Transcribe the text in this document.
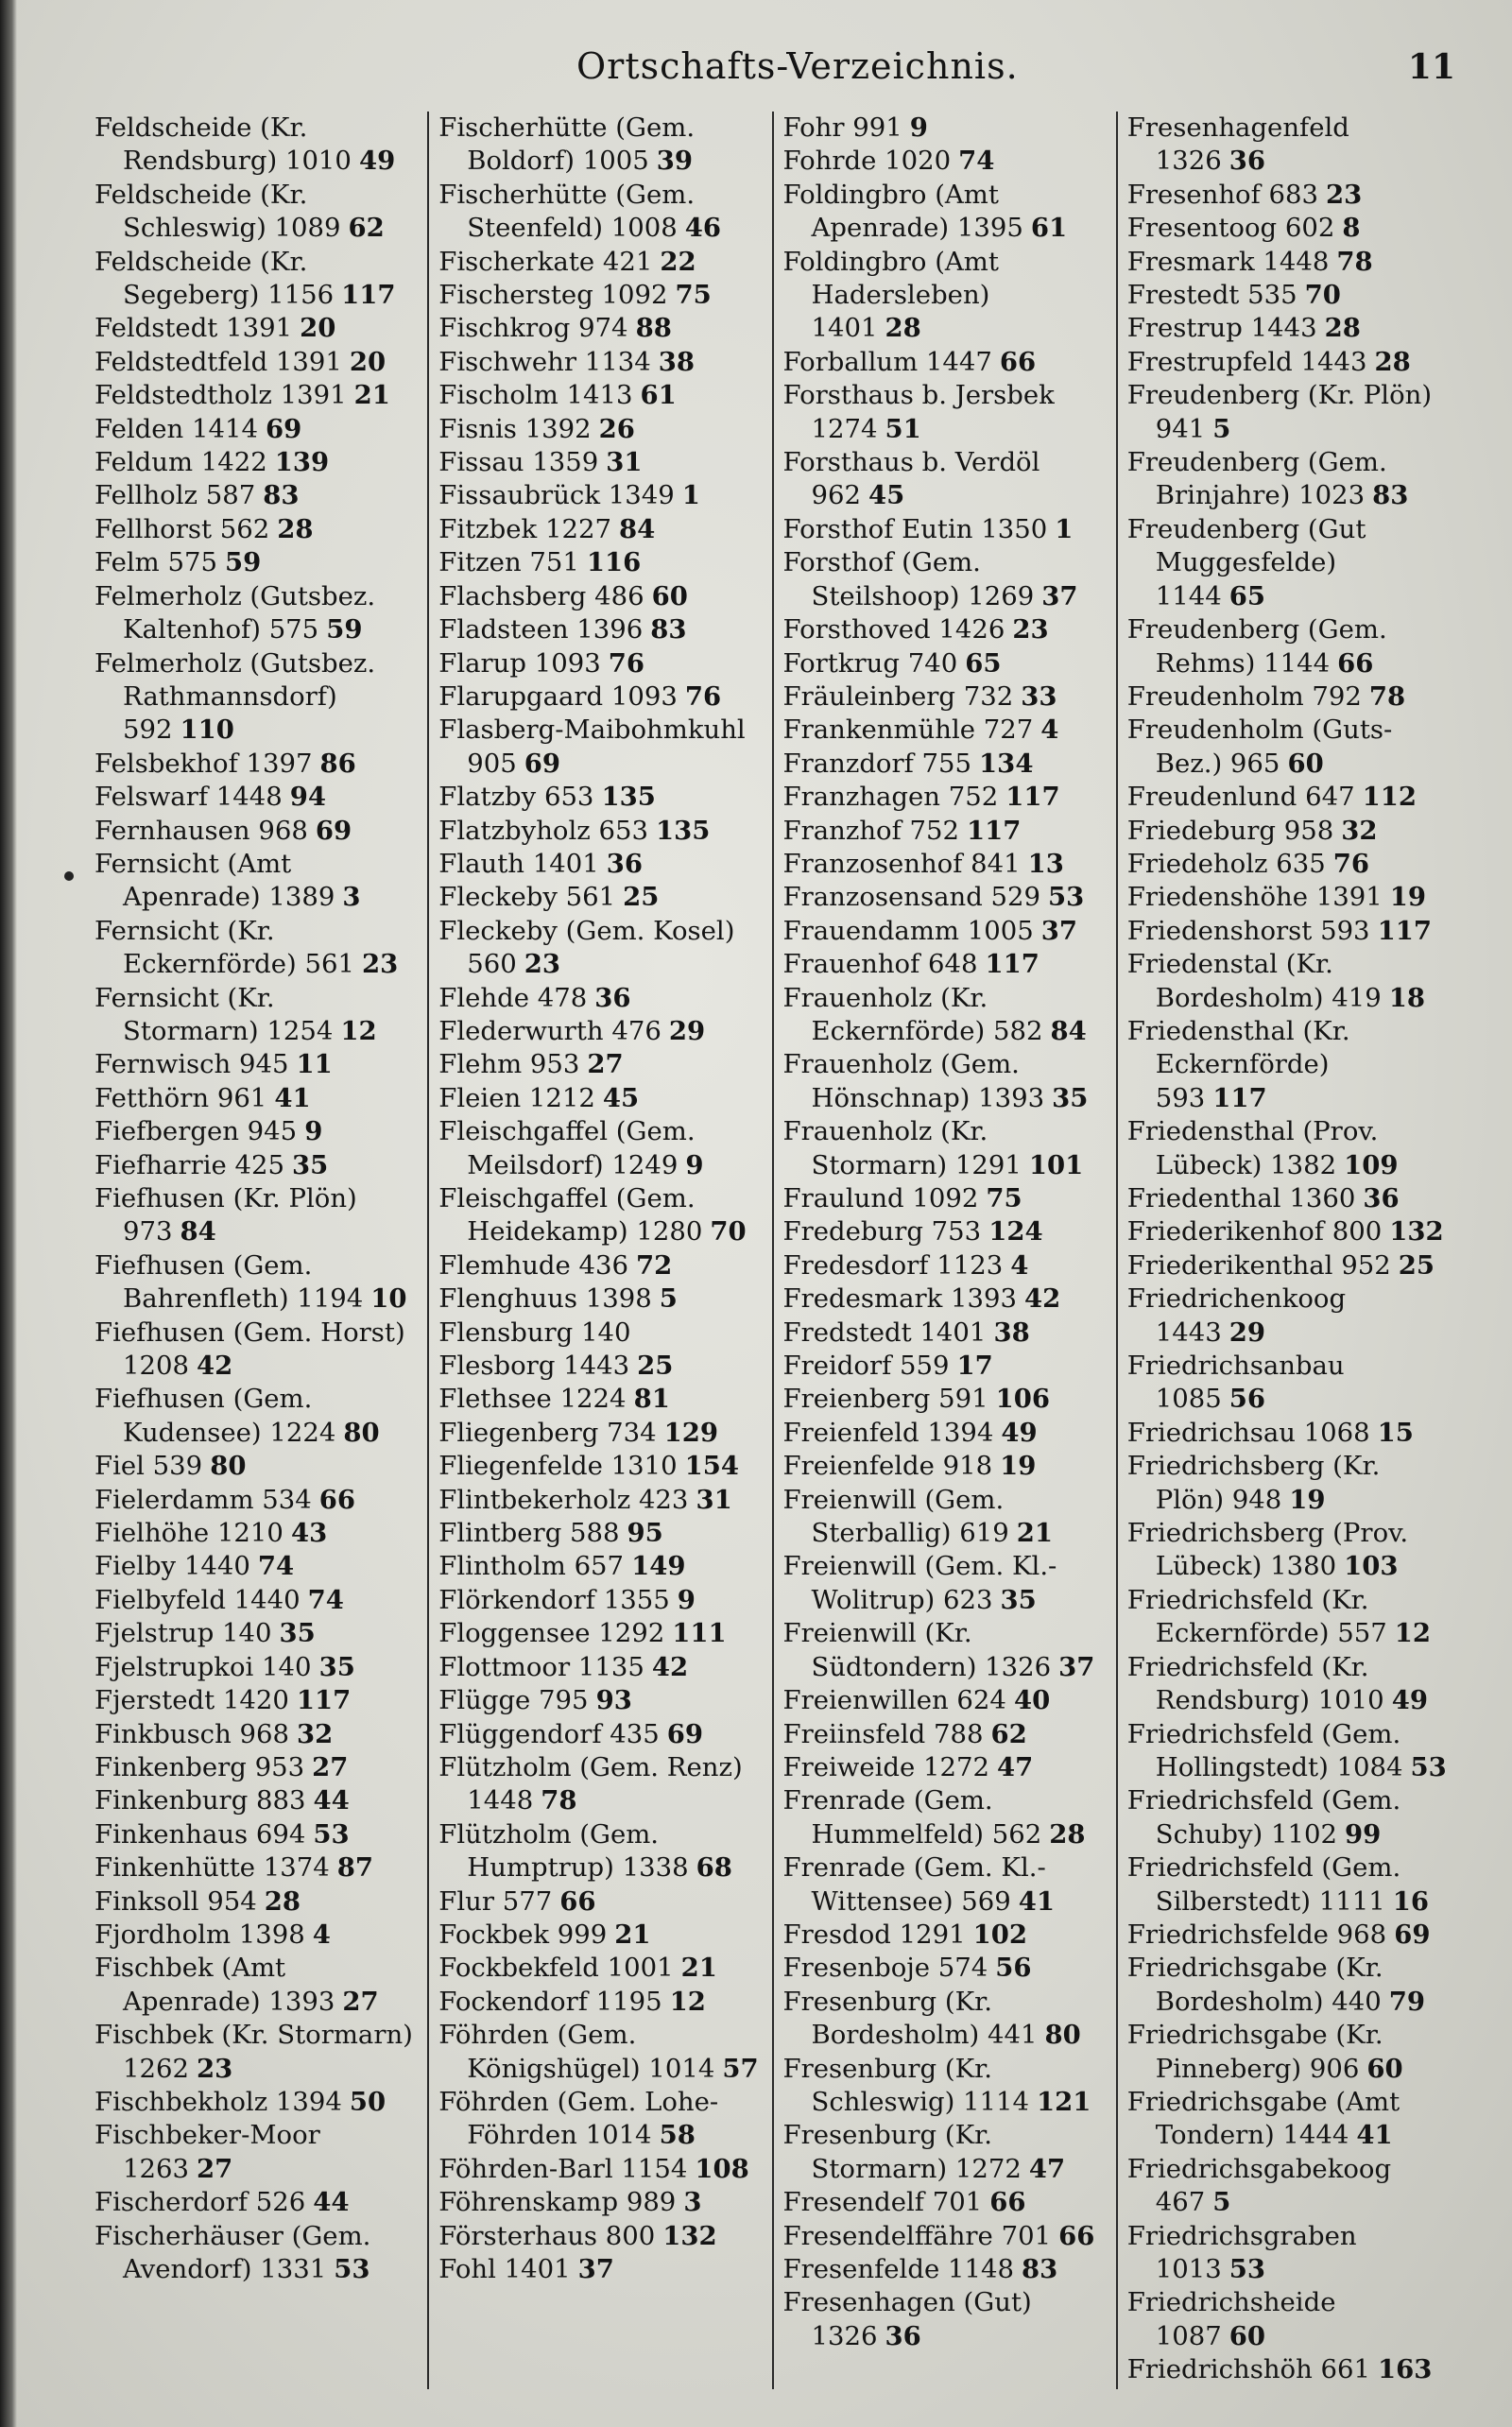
Ortschafts-Verzeichnis.	11
Feldscheide (Kr. Rendsburg) 1010 49
Feldscheide (Kr. Schleswig) 1089 62
Feldscheide (Kr. Segeberg) 1156 117
Feldstedt 1391 20
Feldstedtfeld 1391 20
Feldstedtholz 1391 21
Felden 1414 69
Feldum 1422 139
Fellholz 587 83
Fellhorst 562 28
Felm 575 59
Felmerholz (Gutsbez. Kaltenhof) 575 59
Felmerholz (Gutsbez. Rathmannsdorf) 592 110
Felsbekhof 1397 86
Felswarf 1448 94
Fernhausen 968 69
Fernsicht (Amt Apenrade) 1389 3
Fernsicht (Kr. Eckernförde) 561 23
Fernsicht (Kr. Stormarn) 1254 12
Fernwisch 945 11
Fetthörn 961 41
Fiefbergen 945 9
Fiefharrie 425 35
Fiefhusen (Kr. Plön) 973 84
Fiefhusen (Gem. Bahrenfleth) 1194 10
Fiefhusen (Gem. Horst) 1208 42
Fiefhusen (Gem. Kudensee) 1224 80
Fiel 539 80
Fielerdamm 534 66
Fielhöhe 1210 43
Fielby 1440 74
Fielbyfeld 1440 74
Fjelstrup 140 35
Fjelstrupkoi 140 35
Fjerstedt 1420 117
Finkbusch 968 32
Finkenberg 953 27
Finkenburg 883 44
Finkenhaus 694 53
Finkenhütte 1374 87
Finksoll 954 28
Fjordholm 1398 4
Fischbek (Amt Apenrade) 1393 27
Fischbek (Kr. Stormarn) 1262 23
Fischbekholz 1394 50
Fischbeker-Moor 1263 27
Fischerdorf 526 44
Fischerhäuser (Gem. Avendorf) 1331 53
Fischerhütte (Gem. Boldorf) 1005 39
Fischerhütte (Gem. Steenfeld) 1008 46
Fischerkate 421 22
Fischersteg 1092 75
Fischkrog 974 88
Fischwehr 1134 38
Fischolm 1413 61
Fisnis 1392 26
Fissau 1359 31
Fissaubrück 1349 1
Fitzbek 1227 84
Fitzen 751 116
Flachsberg 486 60
Fladsteen 1396 83
Flarup 1093 76
Flarupgaard 1093 76
Flasberg-Maibohmkuhl 905 69
Flatzby 653 135
Flatzbyholz 653 135
Flauth 1401 36
Fleckeby 561 25
Fleckeby (Gem. Kosel) 560 23
Flehde 478 36
Flederwurth 476 29
Flehm 953 27
Fleien 1212 45
Fleischgaffel (Gem. Meilsdorf) 1249 9
Fleischgaffel (Gem. Heidekamp) 1280 70
Flemhude 436 72
Flenghuus 1398 5
Flensburg 140
Flesborg 1443 25
Flethsee 1224 81
Fliegenberg 734 129
Fliegenfelde 1310 154
Flintbekerholz 423 31
Flintberg 588 95
Flintholm 657 149
Flörkendorf 1355 9
Floggensee 1292 111
Flottmoor 1135 42
Flügge 795 93
Flüggendorf 435 69
Flützholm (Gem. Renz) 1448 78
Flützholm (Gem. Humptrup) 1338 68
Flur 577 66
Fockbek 999 21
Fockbekfeld 1001 21
Fockendorf 1195 12
Föhrden (Gem. Königshügel) 1014 57
Föhrden (Gem. Lohe-Föhrden 1014 58
Föhrden-Barl 1154 108
Föhrenskamp 989 3
Försterhaus 800 132
Fohl 1401 37
Fohr 991 9
Fohrde 1020 74
Foldingbro (Amt Apenrade) 1395 61
Foldingbro (Amt Hadersleben) 1401 28
Forballum 1447 66
Forsthaus b. Jersbek 1274 51
Forsthaus b. Verdöl 962 45
Forsthof Eutin 1350 1
Forsthof (Gem. Steilshoop) 1269 37
Forsthoved 1426 23
Fortkrug 740 65
Fräuleinberg 732 33
Frankenmühle 727 4
Franzdorf 755 134
Franzhagen 752 117
Franzhof 752 117
Franzosenhof 841 13
Franzosensand 529 53
Frauendamm 1005 37
Frauenhof 648 117
Frauenholz (Kr. Eckernförde) 582 84
Frauenholz (Gem. Hönschnap) 1393 35
Frauenholz (Kr. Stormarn) 1291 101
Fraulund 1092 75
Fredeburg 753 124
Fredesdorf 1123 4
Fredesmark 1393 42
Fredstedt 1401 38
Freidorf 559 17
Freienberg 591 106
Freienfeld 1394 49
Freienfelde 918 19
Freienwill (Gem. Sterballig) 619 21
Freienwill (Gem. Kl.-Wolitrup) 623 35
Freienwill (Kr. Südtondern) 1326 37
Freienwillen 624 40
Freiinsfeld 788 62
Freiweide 1272 47
Frenrade (Gem. Hummelfeld) 562 28
Frenrade (Gem. Kl.-Wittensee) 569 41
Fresdod 1291 102
Fresenboje 574 56
Fresenburg (Kr. Bordesholm) 441 80
Fresenburg (Kr. Schleswig) 1114 121
Fresenburg (Kr. Stormarn) 1272 47
Fresendelf 701 66
Fresendelffähre 701 66
Fresenfelde 1148 83
Fresenhagen (Gut) 1326 36
Fresenhagenfeld 1326 36
Fresenhof 683 23
Fresentoog 602 8
Fresmark 1448 78
Frestedt 535 70
Frestrup 1443 28
Frestrupfeld 1443 28
Freudenberg (Kr. Plön) 941 5
Freudenberg (Gem. Brinjahre) 1023 83
Freudenberg (Gut Muggesfelde) 1144 65
Freudenberg (Gem. Rehms) 1144 66
Freudenholm 792 78
Freudenholm (Guts-Bez.) 965 60
Freudenlund 647 112
Friedeburg 958 32
Friedeholz 635 76
Friedenshöhe 1391 19
Friedenshorst 593 117
Friedenstal (Kr. Bordesholm) 419 18
Friedensthal (Kr. Eckernförde) 593 117
Friedensthal (Prov. Lübeck) 1382 109
Friedenthal 1360 36
Friederikenhof 800 132
Friederikenthal 952 25
Friedrichenkoog 1443 29
Friedrichsanbau 1085 56
Friedrichsau 1068 15
Friedrichsberg (Kr. Plön) 948 19
Friedrichsberg (Prov. Lübeck) 1380 103
Friedrichsfeld (Kr. Eckernförde) 557 12
Friedrichsfeld (Kr. Rendsburg) 1010 49
Friedrichsfeld (Gem. Hollingstedt) 1084 53
Friedrichsfeld (Gem. Schuby) 1102 99
Friedrichsfeld (Gem. Silberstedt) 1111 16
Friedrichsfelde 968 69
Friedrichsgabe (Kr. Bordesholm) 440 79
Friedrichsgabe (Kr. Pinneberg) 906 60
Friedrichsgabe (Amt Tondern) 1444 41
Friedrichsgabekoog 467 5
Friedrichsgraben 1013 53
Friedrichsheide 1087 60
Friedrichshöh 661 163
